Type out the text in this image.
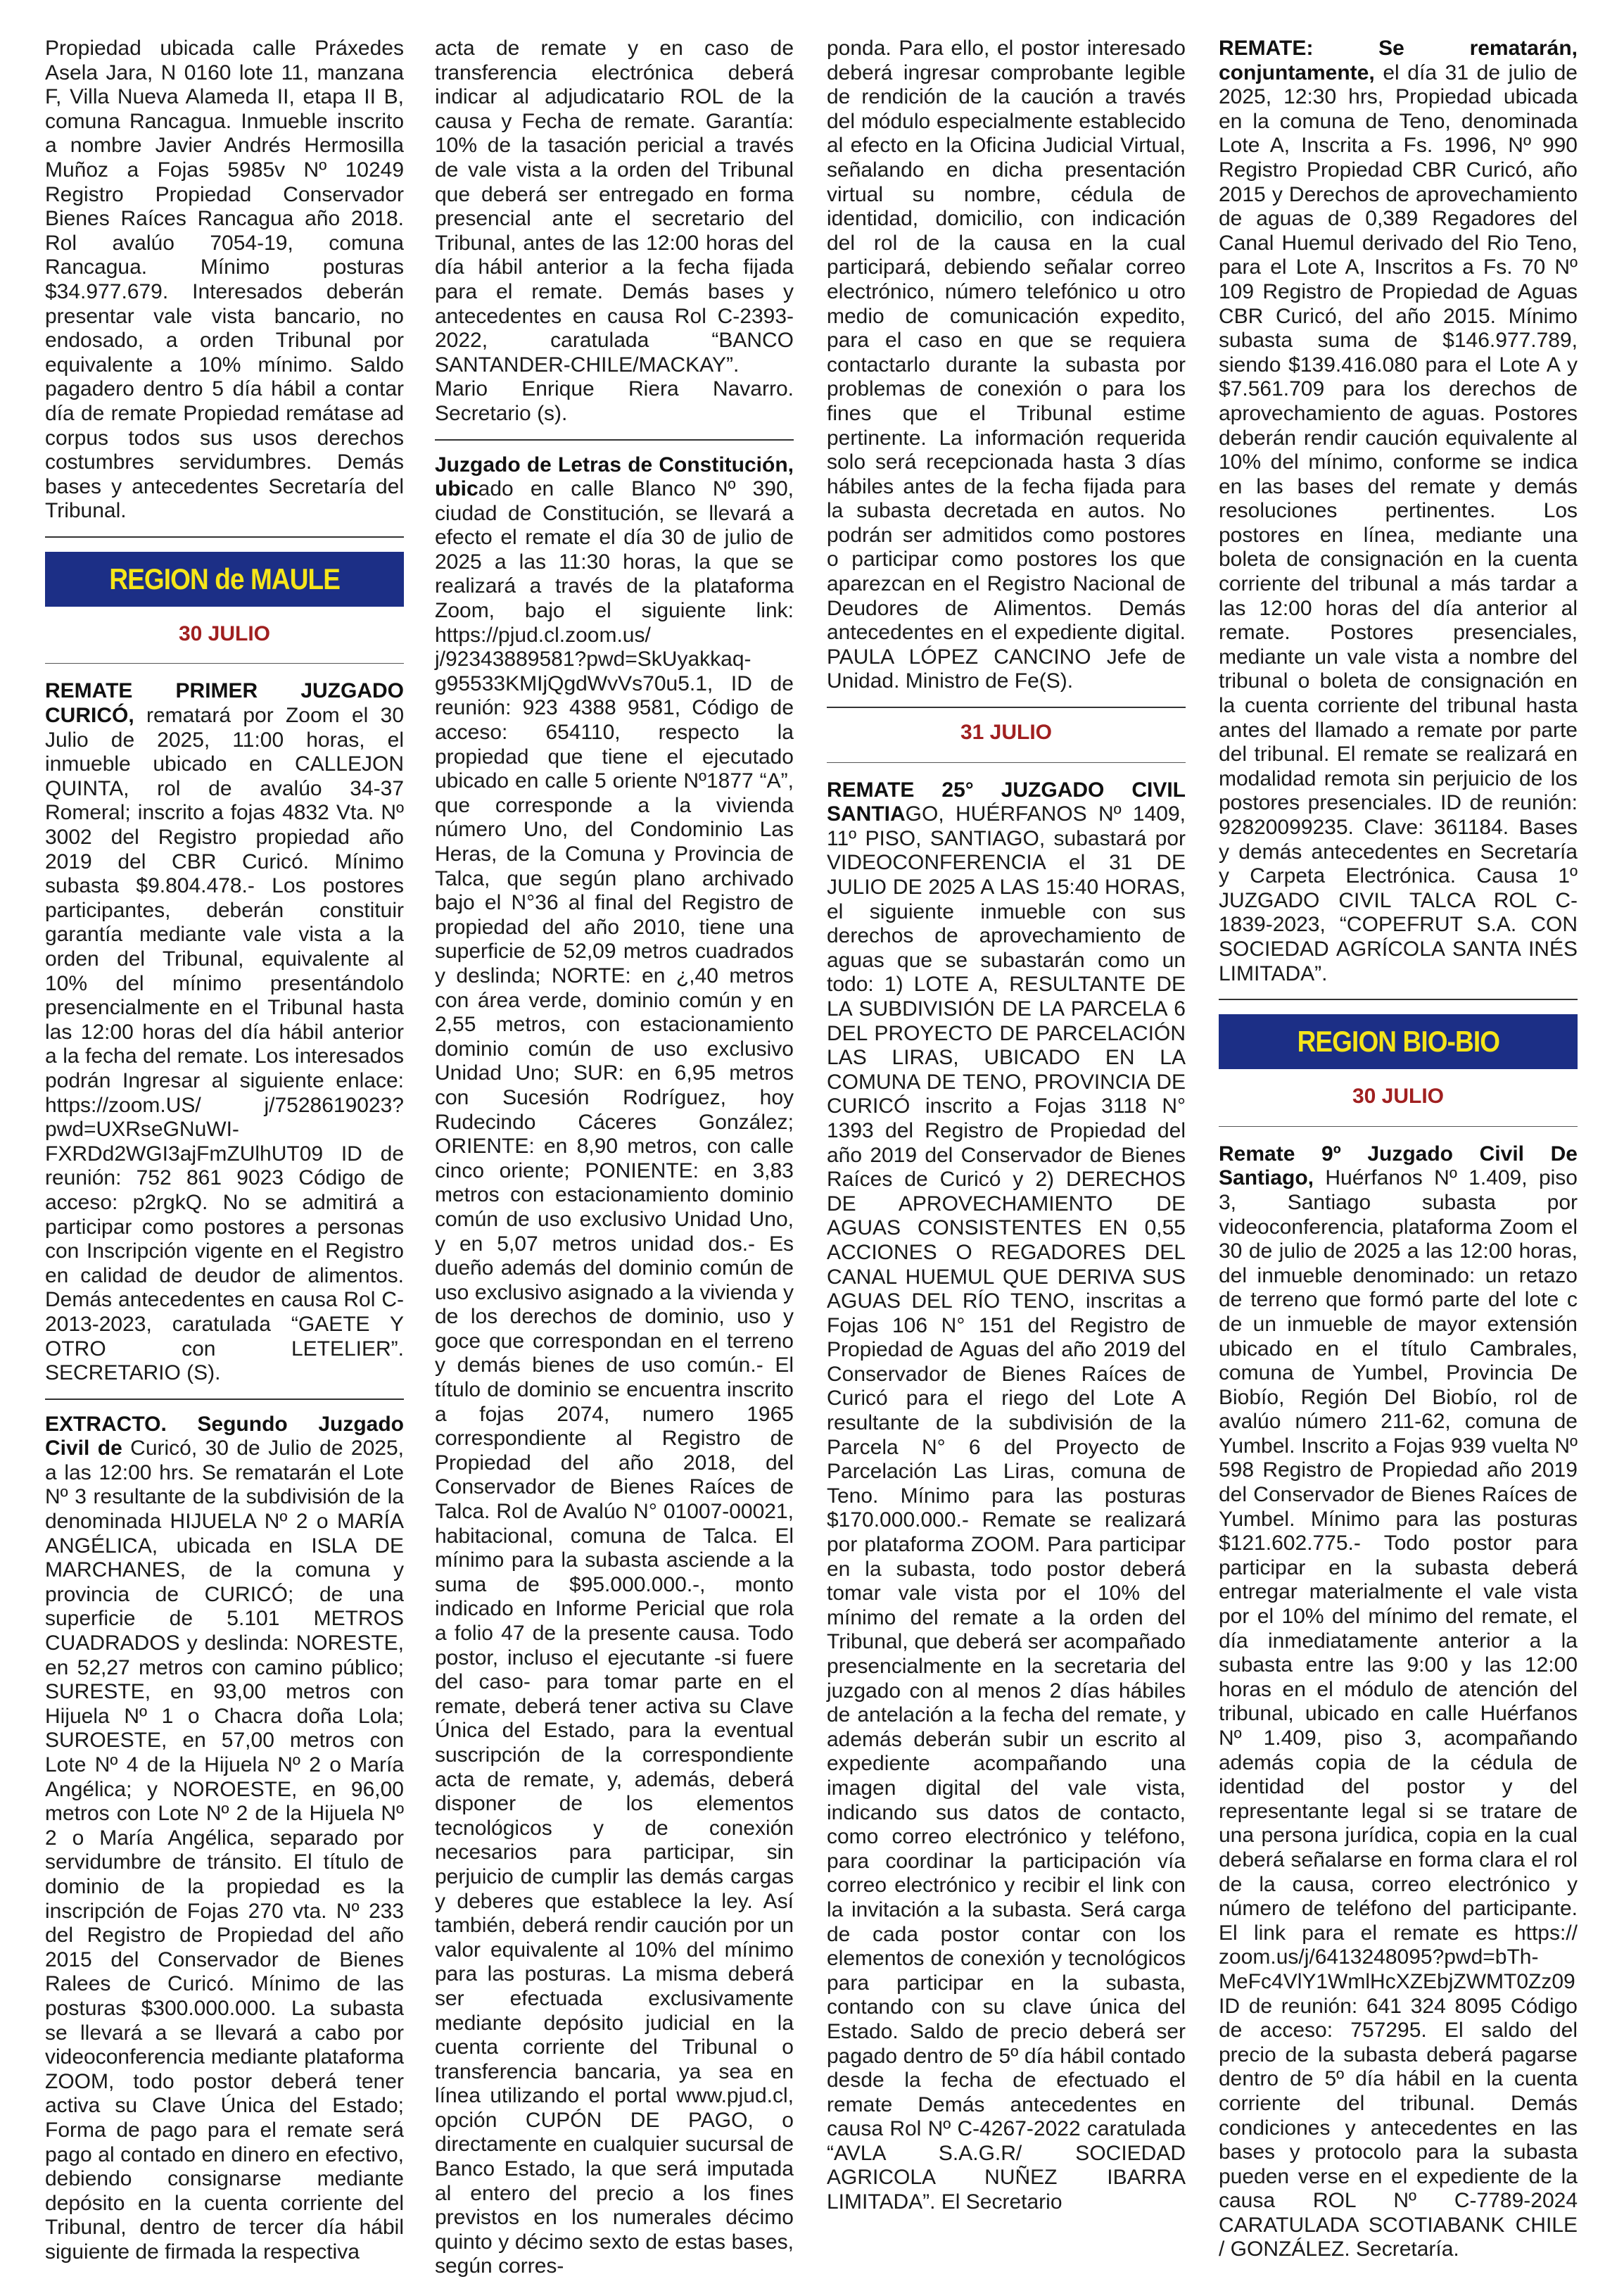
Propiedad ubicada calle Práxedes Asela Jara, N 0160 lote 11, manzana F, Villa Nueva Alameda II, etapa II B, comuna Rancagua. Inmueble inscrito a nombre Javier Andrés Hermosilla Muñoz a Fojas 5985v Nº 10249 Registro Propiedad Conservador Bienes Raíces Rancagua año 2018. Rol avalúo 7054-19, comuna Rancagua. Mínimo posturas $34.977.679. Interesados deberán presentar vale vista bancario, no endosado, a orden Tribunal por equivalente a 10% mínimo. Saldo pagadero dentro 5 día hábil a contar día de remate Propiedad remátase ad corpus todos sus usos derechos costumbres servidumbres. Demás bases y antecedentes Secretaría del Tribunal.

REGION de MAULE
30 JULIO

REMATE PRIMER JUZGADO CURICÓ, rematará por Zoom el 30 Julio de 2025, 11:00 horas, el inmueble ubicado en CALLEJON QUINTA, rol de avalúo 34-37 Romeral; inscrito a fojas 4832 Vta. Nº 3002 del Registro propiedad año 2019 del CBR Curicó. Mínimo subasta $9.804.478.- Los postores participantes, deberán constituir garantía mediante vale vista a la orden del Tribunal, equivalente al 10% del mínimo presentándolo presencialmente en el Tribunal hasta las 12:00 horas del día hábil anterior a la fecha del remate. Los interesados podrán Ingresar al siguiente enlace: https://zoom.US/ j/7528619023?pwd=UXRseGNuWI-FXRDd2WGI3ajFmZUlhUT09 ID de reunión: 752 861 9023 Código de acceso: p2rgkQ. No se admitirá a participar como postores a personas con Inscripción vigente en el Registro en calidad de deudor de alimentos. Demás antecedentes en causa Rol C-2013-2023, caratulada “GAETE Y OTRO con LETELIER”. SECRETARIO (S).

EXTRACTO. Segundo Juzgado Civil de Curicó, 30 de Julio de 2025, a las 12:00 hrs. Se rematarán el Lote Nº 3 resultante de la subdivisión de la denominada HIJUELA Nº 2 o MARÍA ANGÉLICA, ubicada en ISLA DE MARCHANES, de la comuna y provincia de CURICÓ; de una superficie de 5.101 METROS CUADRADOS y deslinda: NORESTE, en 52,27 metros con camino público; SURESTE, en 93,00 metros con Hijuela Nº 1 o Chacra doña Lola; SUROESTE, en 57,00 metros con Lote Nº 4 de la Hijuela Nº 2 o María Angélica; y NOROESTE, en 96,00 metros con Lote Nº 2 de la Hijuela Nº 2 o María Angélica, separado por servidumbre de tránsito. El título de dominio de la propiedad es la inscripción de Fojas 270 vta. Nº 233 del Registro de Propiedad del año 2015 del Conservador de Bienes Ralees de Curicó. Mínimo de las posturas $300.000.000. La subasta se llevará a se llevará a cabo por videoconferencia mediante plataforma ZOOM, todo postor deberá tener activa su Clave Única del Estado; Forma de pago para el remate será pago al contado en dinero en efectivo, debiendo consignarse mediante depósito en la cuenta corriente del Tribunal, dentro de tercer día hábil siguiente de firmada la respectiva

acta de remate y en caso de transferencia electrónica deberá indicar al adjudicatario ROL de la causa y Fecha de remate. Garantía: 10% de la tasación pericial a través de vale vista a la orden del Tribunal que deberá ser entregado en forma presencial ante el secretario del Tribunal, antes de las 12:00 horas del día hábil anterior a la fecha fijada para el remate. Demás bases y antecedentes en causa Rol C-2393-2022, caratulada “BANCO SANTANDER-CHILE/MACKAY”. Mario Enrique Riera Navarro. Secretario (s).

Juzgado de Letras de Constitución, ubicado en calle Blanco Nº 390, ciudad de Constitución, se llevará a efecto el remate el día 30 de julio de 2025 a las 11:30 horas, la que se realizará a través de la plataforma Zoom, bajo el siguiente link: https://pjud.cl.zoom.us/ j/92343889581?pwd=SkUyakkaq-g95533KMIjQgdWvVs70u5.1, ID de reunión: 923 4388 9581, Código de acceso: 654110, respecto la propiedad que tiene el ejecutado ubicado en calle 5 oriente Nº1877 “A”, que corresponde a la vivienda número Uno, del Condominio Las Heras, de la Comuna y Provincia de Talca, que según plano archivado bajo el N°36 al final del Registro de propiedad del año 2010, tiene una superficie de 52,09 metros cuadrados y deslinda; NORTE: en ¿,40 metros con área verde, dominio común y en 2,55 metros, con estacionamiento dominio común de uso exclusivo Unidad Uno; SUR: en 6,95 metros con Sucesión Rodríguez, hoy Rudecindo Cáceres González; ORIENTE: en 8,90 metros, con calle cinco oriente; PONIENTE: en 3,83 metros con estacionamiento dominio común de uso exclusivo Unidad Uno, y en 5,07 metros unidad dos.- Es dueño además del dominio común de uso exclusivo asignado a la vivienda y de los derechos de dominio, uso y goce que correspondan en el terreno y demás bienes de uso común.- El título de dominio se encuentra inscrito a fojas 2074, numero 1965 correspondiente al Registro de Propiedad del año 2018, del Conservador de Bienes Raíces de Talca. Rol de Avalúo N° 01007-00021, habitacional, comuna de Talca. El mínimo para la subasta asciende a la suma de $95.000.000.-, monto indicado en Informe Pericial que rola a folio 47 de la presente causa. Todo postor, incluso el ejecutante -si fuere del caso- para tomar parte en el remate, deberá tener activa su Clave Única del Estado, para la eventual suscripción de la correspondiente acta de remate, y, además, deberá disponer de los elementos tecnológicos y de conexión necesarios para participar, sin perjuicio de cumplir las demás cargas y deberes que establece la ley. Así también, deberá rendir caución por un valor equivalente al 10% del mínimo para las posturas. La misma deberá ser efectuada exclusivamente mediante depósito judicial en la cuenta corriente del Tribunal o transferencia bancaria, ya sea en línea utilizando el portal www.pjud.cl, opción CUPÓN DE PAGO, o directamente en cualquier sucursal de Banco Estado, la que será imputada al entero del precio a los fines previstos en los numerales décimo quinto y décimo sexto de estas bases, según corres-

ponda. Para ello, el postor interesado deberá ingresar comprobante legible de rendición de la caución a través del módulo especialmente establecido al efecto en la Oficina Judicial Virtual, señalando en dicha presentación virtual su nombre, cédula de identidad, domicilio, con indicación del rol de la causa en la cual participará, debiendo señalar correo electrónico, número telefónico u otro medio de comunicación expedito, para el caso en que se requiera contactarlo durante la subasta por problemas de conexión o para los fines que el Tribunal estime pertinente. La información requerida solo será recepcionada hasta 3 días hábiles antes de la fecha fijada para la subasta decretada en autos. No podrán ser admitidos como postores o participar como postores los que aparezcan en el Registro Nacional de Deudores de Alimentos. Demás antecedentes en el expediente digital. PAULA LÓPEZ CANCINO Jefe de Unidad. Ministro de Fe(S).

31 JULIO

REMATE 25° JUZGADO CIVIL SANTIAGO, HUÉRFANOS Nº 1409, 11º PISO, SANTIAGO, subastará por VIDEOCONFERENCIA el 31 DE JULIO DE 2025 A LAS 15:40 HORAS, el siguiente inmueble con sus derechos de aprovechamiento de aguas que se subastarán como un todo: 1) LOTE A, RESULTANTE DE LA SUBDIVISIÓN DE LA PARCELA 6 DEL PROYECTO DE PARCELACIÓN LAS LIRAS, UBICADO EN LA COMUNA DE TENO, PROVINCIA DE CURICÓ inscrito a Fojas 3118 N° 1393 del Registro de Propiedad del año 2019 del Conservador de Bienes Raíces de Curicó y 2) DERECHOS DE APROVECHAMIENTO DE AGUAS CONSISTENTES EN 0,55 ACCIONES O REGADORES DEL CANAL HUEMUL QUE DERIVA SUS AGUAS DEL RÍO TENO, inscritas a Fojas 106 N° 151 del Registro de Propiedad de Aguas del año 2019 del Conservador de Bienes Raíces de Curicó para el riego del Lote A resultante de la subdivisión de la Parcela N° 6 del Proyecto de Parcelación Las Liras, comuna de Teno. Mínimo para las posturas $170.000.000.- Remate se realizará por plataforma ZOOM. Para participar en la subasta, todo postor deberá tomar vale vista por el 10% del mínimo del remate a la orden del Tribunal, que deberá ser acompañado presencialmente en la secretaria del juzgado con al menos 2 días hábiles de antelación a la fecha del remate, y además deberán subir un escrito al expediente acompañando una imagen digital del vale vista, indicando sus datos de contacto, como correo electrónico y teléfono, para coordinar la participación vía correo electrónico y recibir el link con la invitación a la subasta. Será carga de cada postor contar con los elementos de conexión y tecnológicos para participar en la subasta, contando con su clave única del Estado. Saldo de precio deberá ser pagado dentro de 5º día hábil contado desde la fecha de efectuado el remate Demás antecedentes en causa Rol Nº C-4267-2022 caratulada “AVLA S.A.G.R/ SOCIEDAD AGRICOLA NUÑEZ IBARRA LIMITADA”. El Secretario

REMATE: Se rematarán, conjuntamente, el día 31 de julio de 2025, 12:30 hrs, Propiedad ubicada en la comuna de Teno, denominada Lote A, Inscrita a Fs. 1996, Nº 990 Registro Propiedad CBR Curicó, año 2015 y Derechos de aprovechamiento de aguas de 0,389 Regadores del Canal Huemul derivado del Rio Teno, para el Lote A, Inscritos a Fs. 70 Nº 109 Registro de Propiedad de Aguas CBR Curicó, del año 2015. Mínimo subasta suma de $146.977.789, siendo $139.416.080 para el Lote A y $7.561.709 para los derechos de aprovechamiento de aguas. Postores deberán rendir caución equivalente al 10% del mínimo, conforme se indica en las bases del remate y demás resoluciones pertinentes. Los postores en línea, mediante una boleta de consignación en la cuenta corriente del tribunal a más tardar a las 12:00 horas del día anterior al remate. Postores presenciales, mediante un vale vista a nombre del tribunal o boleta de consignación en la cuenta corriente del tribunal hasta antes del llamado a remate por parte del tribunal. El remate se realizará en modalidad remota sin perjuicio de los postores presenciales. ID de reunión: 92820099235. Clave: 361184. Bases y demás antecedentes en Secretaría y Carpeta Electrónica. Causa 1º JUZGADO CIVIL TALCA ROL C-1839-2023, “COPEFRUT S.A. CON SOCIEDAD AGRÍCOLA SANTA INÉS LIMITADA”.

REGION BIO-BIO
30 JULIO

Remate 9º Juzgado Civil De Santiago, Huérfanos Nº 1.409, piso 3, Santiago subasta por videoconferencia, plataforma Zoom el 30 de julio de 2025 a las 12:00 horas, del inmueble denominado: un retazo de terreno que formó parte del lote c de un inmueble de mayor extensión ubicado en el título Cambrales, comuna de Yumbel, Provincia De Biobío, Región Del Biobío, rol de avalúo número 211-62, comuna de Yumbel. Inscrito a Fojas 939 vuelta Nº 598 Registro de Propiedad año 2019 del Conservador de Bienes Raíces de Yumbel. Mínimo para las posturas $121.602.775.- Todo postor para participar en la subasta deberá entregar materialmente el vale vista por el 10% del mínimo del remate, el día inmediatamente anterior a la subasta entre las 9:00 y las 12:00 horas en el módulo de atención del tribunal, ubicado en calle Huérfanos Nº 1.409, piso 3, acompañando además copia de la cédula de identidad del postor y del representante legal si se tratare de una persona jurídica, copia en la cual deberá señalarse en forma clara el rol de la causa, correo electrónico y número de teléfono del participante. El link para el remate es https:// zoom.us/j/6413248095?pwd=bTh-MeFc4VlY1WmlHcXZEbjZWMT0Zz09 ID de reunión: 641 324 8095 Código de acceso: 757295. El saldo del precio de la subasta deberá pagarse dentro de 5º día hábil en la cuenta corriente del tribunal. Demás condiciones y antecedentes en las bases y protocolo para la subasta pueden verse en el expediente de la causa ROL Nº C-7789-2024 CARATULADA SCOTIABANK CHILE / GONZÁLEZ. Secretaría.
